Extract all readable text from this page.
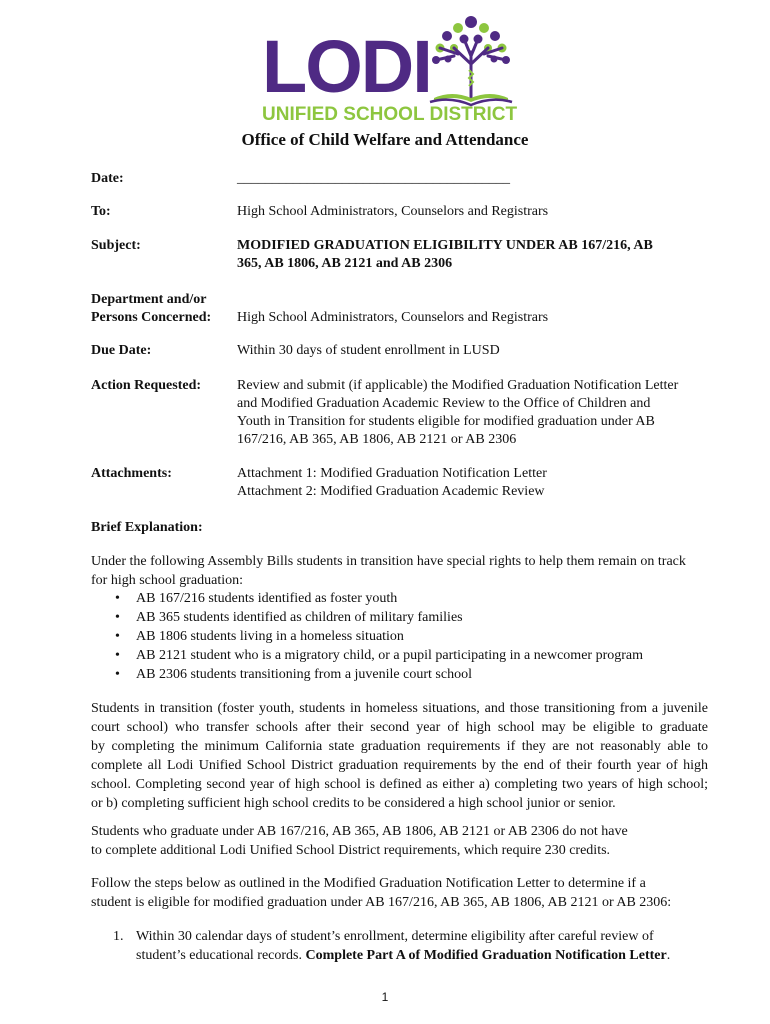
LODI
UNIFIED SCHOOL DISTRICT
Office of Child Welfare and Attendance
Date:	_______________________________________
To:	High School Administrators, Counselors and Registrars
Subject:	MODIFIED GRADUATION ELIGIBILITY UNDER AB 167/216, AB
365, AB 1806, AB 2121 and AB 2306
Department and/or
Persons Concerned: High School Administrators, Counselors and Registrars
Due Date:	Within 30 days of student enrollment in LUSD
Action Requested:	Review and submit (if applicable) the Modified Graduation Notification Letter
and Modified Graduation Academic Review to the Office of Children and
Youth in Transition for students eligible for modified graduation under AB
167/216, AB 365, AB 1806, AB 2121 or AB 2306
Attachments:	Attachment 1: Modified Graduation Notification Letter
Attachment 2: Modified Graduation Academic Review
Brief Explanation:
Under the following Assembly Bills students in transition have special rights to help them remain on track
for high school graduation:
• AB 167/216 students identified as foster youth
• AB 365 students identified as children of military families
• AB 1806 students living in a homeless situation
• AB 2121 student who is a migratory child, or a pupil participating in a newcomer program
• AB 2306 students transitioning from a juvenile court school
Students in transition (foster youth, students in homeless situations, and those transitioning from a juvenile
court school) who transfer schools after their second year of high school may be eligible to graduate
by completing the minimum California state graduation requirements if they are not reasonably able to
complete all Lodi Unified School District graduation requirements by the end of their fourth year of high
school. Completing second year of high school is defined as either a) completing two years of high school;
or b) completing sufficient high school credits to be considered a high school junior or senior.
Students who graduate under AB 167/216, AB 365, AB 1806, AB 2121 or AB 2306 do not have
to complete additional Lodi Unified School District requirements, which require 230 credits.
Follow the steps below as outlined in the Modified Graduation Notification Letter to determine if a
student is eligible for modified graduation under AB 167/216, AB 365, AB 1806, AB 2121 or AB 2306:
1. Within 30 calendar days of student’s enrollment, determine eligibility after careful review of
student’s educational records. Complete Part A of Modified Graduation Notification Letter.
1
